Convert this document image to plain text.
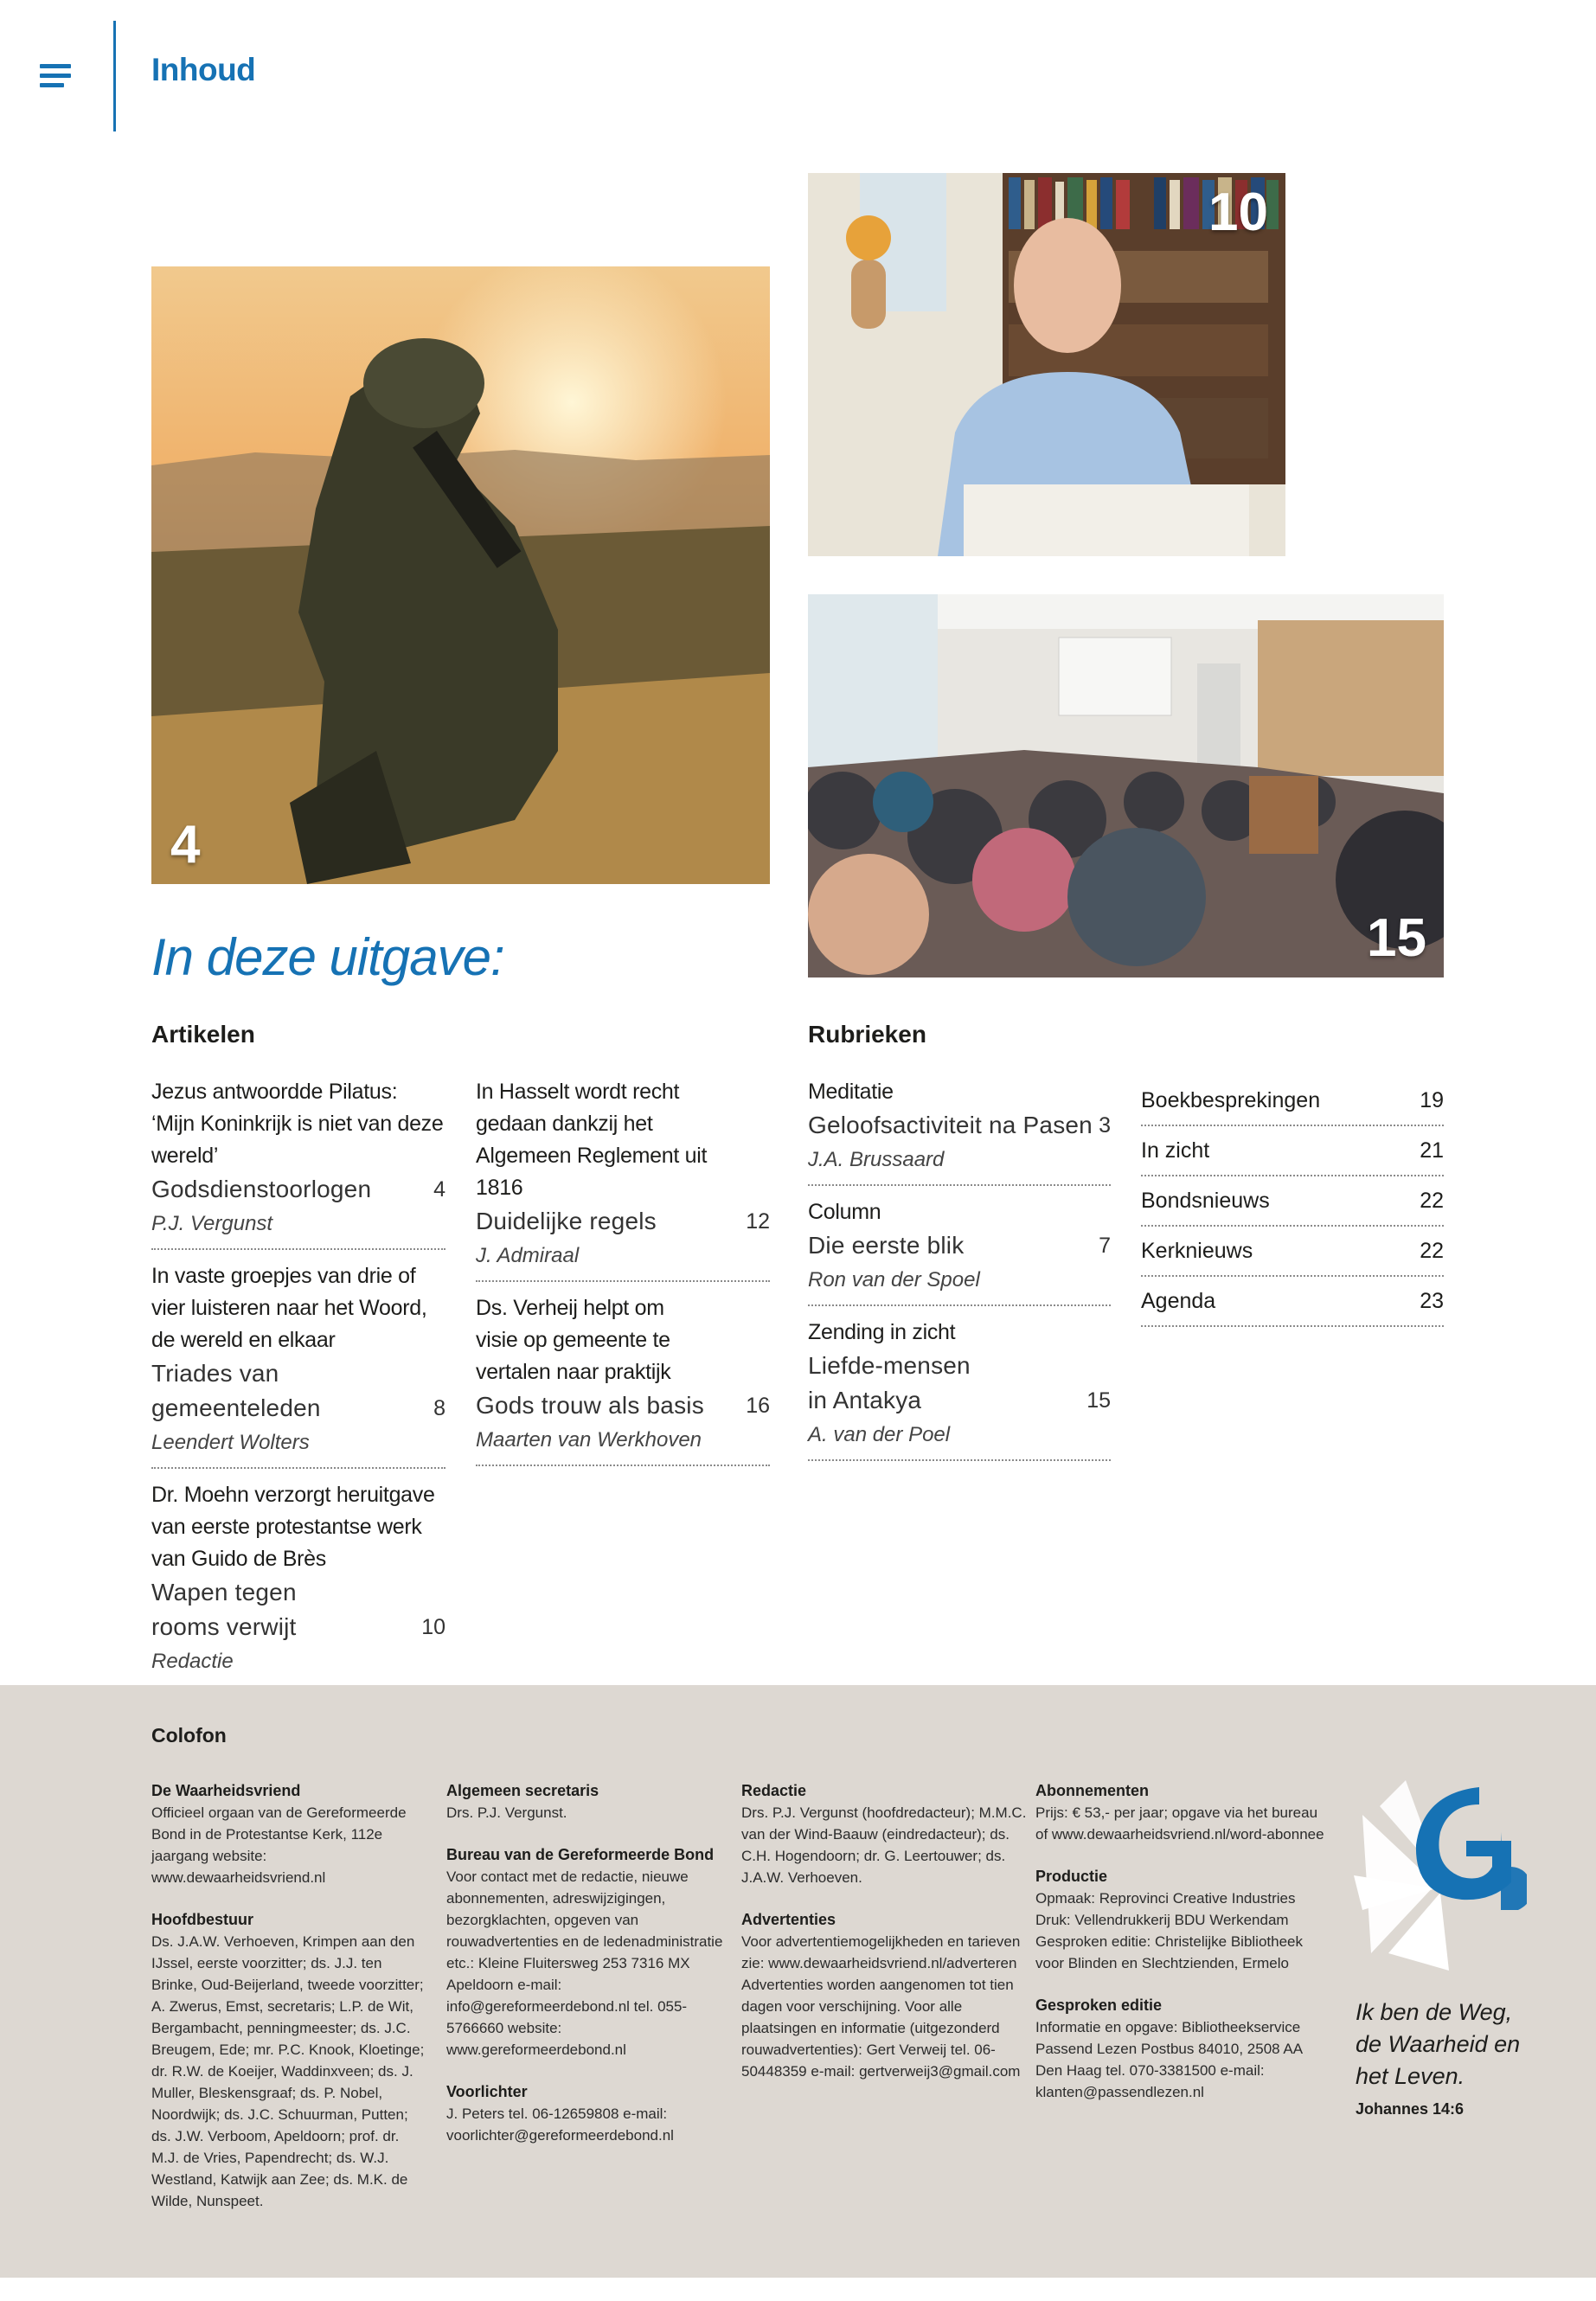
Inhoud
4
10
15
In deze uitgave:
Artikelen	Rubrieken
Jezus antwoordde Pilatus: ‘Mijn Koninkrijk is niet van deze wereld’
Godsdienstoorlogen	4
P.J. Vergunst
In vaste groepjes van drie of vier luisteren naar het Woord, de wereld en elkaar
Triades van gemeenteleden	8
Leendert Wolters
Dr. Moehn verzorgt heruitgave van eerste protestantse werk van Guido de Brès
Wapen tegen rooms verwijt	10
Redactie
In Hasselt wordt recht gedaan dankzij het Algemeen Reglement uit 1816
Duidelijke regels	12
J. Admiraal
Ds. Verheij helpt om visie op gemeente te vertalen naar praktijk
Gods trouw als basis 16
Maarten van Werkhoven
Meditatie
Geloofsactiviteit na Pasen 3
J.A. Brussaard
Column
Die eerste blik	7
Ron van der Spoel
Zending in zicht
Liefde-mensen in Antakya	15
A. van der Poel
Boekbesprekingen	19
In zicht	21
Bondsnieuws	22
Kerknieuws	22
Agenda	23
Colofon
De Waarheidsvriend

Officieel orgaan van de Gereformeerde Bond in de Protestantse Kerk, 112e jaargang website: www.dewaarheidsvriend.nl

Hoofdbestuur

Ds. J.A.W. Verhoeven, Krimpen aan den IJssel, eerste voorzitter; ds. J.J. ten Brinke, Oud-Beijerland, tweede voorzitter; A. Zwerus, Emst, secretaris; L.P. de Wit, Bergambacht, penningmeester; ds. J.C. Breugem, Ede; mr. P.C. Knook, Kloetinge; dr. R.W. de Koeijer, Waddinxveen; ds. J. Muller, Bleskensgraaf; ds. P. Nobel, Noordwijk; ds. J.C. Schuurman, Putten; ds. J.W. Verboom, Apeldoorn; prof. dr. M.J. de Vries, Papendrecht; ds. W.J. Westland, Katwijk aan Zee; ds. M.K. de Wilde, Nunspeet.

Algemeen secretaris

Drs. P.J. Vergunst.

Bureau van de Gereformeerde Bond

Voor contact met de redactie, nieuwe abonnementen, adreswijzigingen, bezorgklachten, opgeven van rouwadvertenties en de ledenadministratie etc.: Kleine Fluitersweg 253 7316 MX Apeldoorn e-mail: info@gereformeerdebond.nl tel. 055-5766660 website: www.gereformeerdebond.nl

Voorlichter

J. Peters tel. 06-12659808 e-mail: voorlichter@gereformeerdebond.nl

Redactie

Drs. P.J. Vergunst (hoofdredacteur); M.M.C. van der Wind-Baauw (eindredacteur); ds. C.H. Hogendoorn; dr. G. Leertouwer; ds. J.A.W. Verhoeven.

Advertenties

Voor advertentiemogelijkheden en tarieven zie: www.dewaarheidsvriend.nl/adverteren Advertenties worden aangenomen tot tien dagen voor verschijning. Voor alle plaatsingen en informatie (uitgezonderd rouwadvertenties): Gert Verweij tel. 06-50448359 e-mail: gertverweij3@gmail.com

Abonnementen

Prijs: € 53,- per jaar; opgave via het bureau of www.dewaarheidsvriend.nl/word-abonnee

Productie

Opmaak: Reprovinci Creative Industries Druk: Vellendrukkerij BDU Werkendam Gesproken editie: Christelijke Bibliotheek voor Blinden en Slechtzienden, Ermelo

Gesproken editie

Informatie en opgave: Bibliotheekservice Passend Lezen Postbus 84010, 2508 AA Den Haag tel. 070-3381500 e-mail: klanten@passendlezen.nl

Ik ben de Weg, de Waarheid en het Leven.
Johannes 14:6
